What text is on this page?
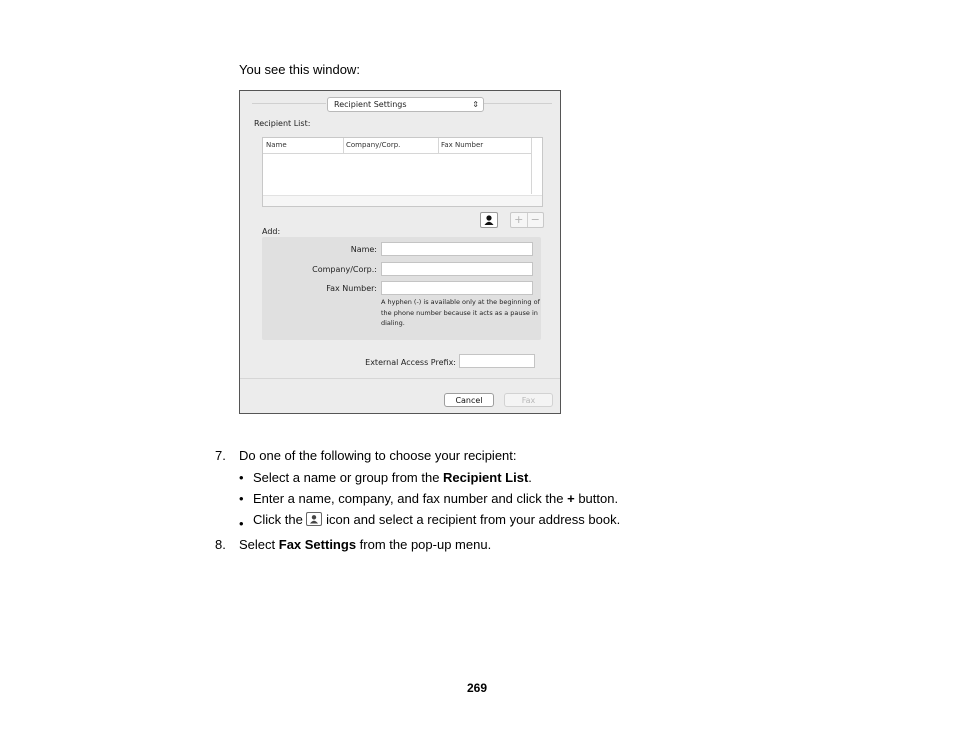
You see this window:
Recipient Settings	⇕
Recipient List:
Name	Company/Corp.	Fax Number
+ −
Add:
Name:
Company/Corp.:
Fax Number:
A hyphen (-) is available only at the beginning of the phone number because it acts as a pause in dialing.
External Access Prefix:
Cancel	Fax
7.	Do one of the following to choose your recipient:
• Select a name or group from the Recipient List.
• Enter a name, company, and fax number and click the + button.
• Click the
icon and select a recipient from your address book.
8.	Select Fax Settings from the pop-up menu.
269
